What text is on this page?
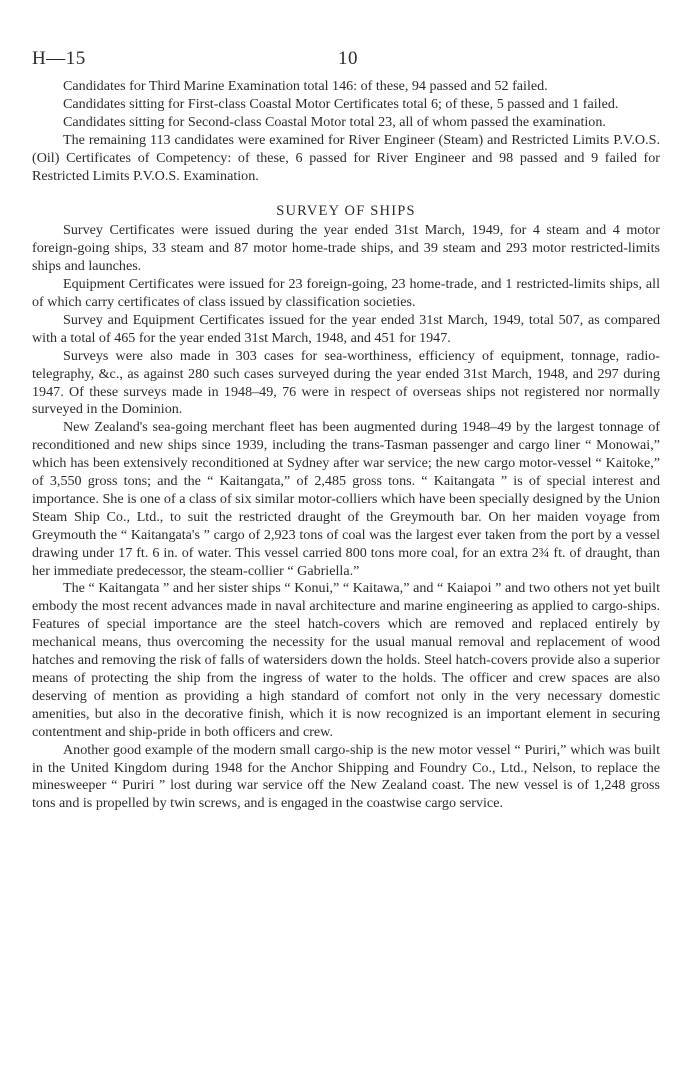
H—15	10

Candidates for Third Marine Examination total 146: of these, 94 passed and 52 failed.

Candidates sitting for First-class Coastal Motor Certificates total 6; of these, 5 passed and 1 failed.

Candidates sitting for Second-class Coastal Motor total 23, all of whom passed the examination.

The remaining 113 candidates were examined for River Engineer (Steam) and Restricted Limits P.V.O.S. (Oil) Certificates of Competency: of these, 6 passed for River Engineer and 98 passed and 9 failed for Restricted Limits P.V.O.S. Examination.

SURVEY OF SHIPS

Survey Certificates were issued during the year ended 31st March, 1949, for 4 steam and 4 motor foreign-going ships, 33 steam and 87 motor home-trade ships, and 39 steam and 293 motor restricted-limits ships and launches.

Equipment Certificates were issued for 23 foreign-going, 23 home-trade, and 1 restricted-limits ships, all of which carry certificates of class issued by classification societies.

Survey and Equipment Certificates issued for the year ended 31st March, 1949, total 507, as compared with a total of 465 for the year ended 31st March, 1948, and 451 for 1947.

Surveys were also made in 303 cases for sea-worthiness, efficiency of equipment, tonnage, radio-telegraphy, &c., as against 280 such cases surveyed during the year ended 31st March, 1948, and 297 during 1947. Of these surveys made in 1948–49, 76 were in respect of overseas ships not registered nor normally surveyed in the Dominion.

New Zealand's sea-going merchant fleet has been augmented during 1948–49 by the largest tonnage of reconditioned and new ships since 1939, including the trans-Tasman passenger and cargo liner “ Monowai,” which has been extensively reconditioned at Sydney after war service; the new cargo motor-vessel “ Kaitoke,” of 3,550 gross tons; and the “ Kaitangata,” of 2,485 gross tons. “ Kaitangata ” is of special interest and importance. She is one of a class of six similar motor-colliers which have been specially designed by the Union Steam Ship Co., Ltd., to suit the restricted draught of the Greymouth bar. On her maiden voyage from Greymouth the “ Kaitangata's ” cargo of 2,923 tons of coal was the largest ever taken from the port by a vessel drawing under 17 ft. 6 in. of water. This vessel carried 800 tons more coal, for an extra 2¾ ft. of draught, than her immediate predecessor, the steam-collier “ Gabriella.”

The “ Kaitangata ” and her sister ships “ Konui,” “ Kaitawa,” and “ Kaiapoi ” and two others not yet built embody the most recent advances made in naval architecture and marine engineering as applied to cargo-ships. Features of special importance are the steel hatch-covers which are removed and replaced entirely by mechanical means, thus overcoming the necessity for the usual manual removal and replacement of wood hatches and removing the risk of falls of watersiders down the holds. Steel hatch-covers provide also a superior means of protecting the ship from the ingress of water to the holds. The officer and crew spaces are also deserving of mention as providing a high standard of comfort not only in the very necessary domestic amenities, but also in the decorative finish, which it is now recognized is an important element in securing contentment and ship-pride in both officers and crew.

Another good example of the modern small cargo-ship is the new motor vessel “ Puriri,” which was built in the United Kingdom during 1948 for the Anchor Shipping and Foundry Co., Ltd., Nelson, to replace the minesweeper “ Puriri ” lost during war service off the New Zealand coast. The new vessel is of 1,248 gross tons and is propelled by twin screws, and is engaged in the coastwise cargo service.
